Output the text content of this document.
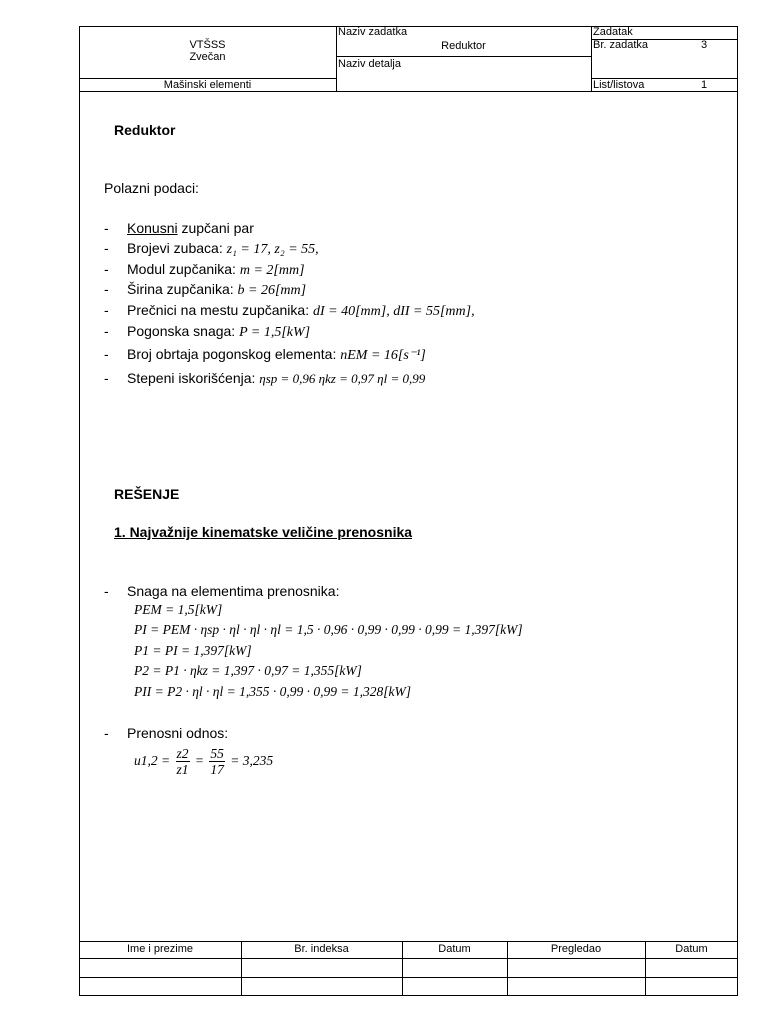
VTŠSS
Zvečan
Mašinski elementi
Naziv zadatka
Reduktor
Naziv detalja
Zadatak
Br. zadatka	3
List/listova	1
Reduktor
Polazni podaci:
- Konusni zupčani par
- Brojevi zubaca: z₁ = 17, z₂ = 55,
- Modul zupčanika: m = 2[mm]
- Širina zupčanika: b = 26[mm]
- Prečnici na mestu zupčanika: dI = 40[mm], dII = 55[mm],
- Pogonska snaga: P = 1,5[kW]
- Broj obrtaja pogonskog elementa: nEM = 16[s⁻¹]
- Stepeni iskorišćenja: ηsp = 0,96 ηkz = 0,97 ηl = 0,99
REŠENJE
1. Najvažnije kinematske veličine prenosnika
- Snaga na elementima prenosnika:
PEM = 1,5[kW]
PI = PEM · ηsp · ηl · ηl · ηl = 1,5 · 0,96 · 0,99 · 0,99 · 0,99 = 1,397[kW]
P1 = PI = 1,397[kW]
P2 = P1 · ηkz = 1,397 · 0,97 = 1,355[kW]
PII = P2 · ηl · ηl = 1,355 · 0,99 · 0,99 = 1,328[kW]
- Prenosni odnos:
$u1,2 = \frac{z2}{z1} = \frac{55}{17} = 3,235$
Ime i prezime	Br. indeksa	Datum	Pregledao	Datum
